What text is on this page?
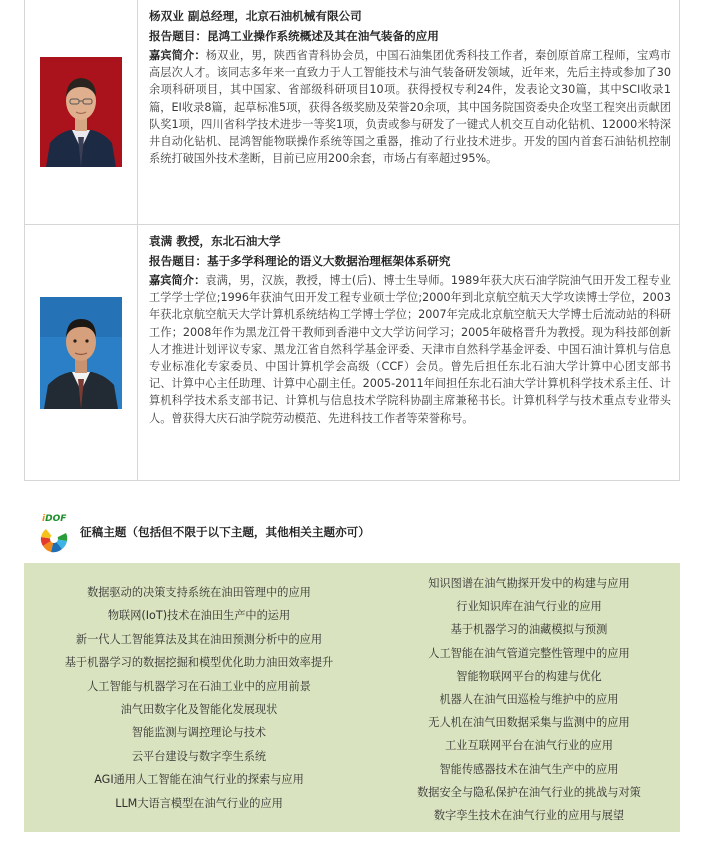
杨双业 副总经理，北京石油机械有限公司
报告题目：昆鸿工业操作系统概述及其在油气装备的应用
嘉宾简介：杨双业，男，陕西省青科协会员，中国石油集团优秀科技工作者，秦创原首席工程师，宝鸡市高层次人才。该同志多年来一直致力于人工智能技术与油气装备研发领域，近年来，先后主持或参加了30余项科研项目，其中国家、省部级科研项目10项。获得授权专利24件，发表论文30篇，其中SCI收录1篇，EI收录8篇，起草标准5项，获得各级奖励及荣誉20余项，其中国务院国资委央企攻坚工程突出贡献团队奖1项，四川省科学技术进步一等奖1项，负责或参与研发了一键式人机交互自动化钻机、12000米特深井自动化钻机、昆鸿智能物联操作系统等国之重器，推动了行业技术进步。开发的国内首套石油钻机控制系统打破国外技术垄断，目前已应用200余套，市场占有率超过95%。
袁满 教授，东北石油大学
报告题目：基于多学科理论的语义大数据治理框架体系研究
嘉宾简介：袁满，男，汉族，教授，博士(后)、博士生导师。1989年获大庆石油学院油气田开发工程专业工学学士学位;1996年获油气田开发工程专业硕士学位;2000年到北京航空航天大学攻读博士学位，2003年获北京航空航天大学计算机系统结构工学博士学位；2007年完成北京航空航天大学博士后流动站的科研工作；2008年作为黑龙江骨干教师到香港中文大学访问学习；2005年破格晋升为教授。现为科技部创新人才推进计划评议专家、黑龙江省自然科学基金评委、天津市自然科学基金评委、中国石油计算机与信息专业标准化专家委员、中国计算机学会高级（CCF）会员。曾先后担任东北石油大学计算中心团支部书记、计算中心主任助理、计算中心副主任。2005-2011年间担任东北石油大学计算机科学技术系主任、计算机科学技术系支部书记、计算机与信息技术学院科协副主席兼秘书长。计算机科学与技术重点专业带头人。曾获得大庆石油学院劳动模范、先进科技工作者等荣誉称号。
iDOF
征稿主题（包括但不限于以下主题，其他相关主题亦可）
数据驱动的决策支持系统在油田管理中的应用
物联网(IoT)技术在油田生产中的运用
新一代人工智能算法及其在油田预测分析中的应用
基于机器学习的数据挖掘和模型优化助力油田效率提升
人工智能与机器学习在石油工业中的应用前景
油气田数字化及智能化发展现状
智能监测与调控理论与技术
云平台建设与数字孪生系统
AGI通用人工智能在油气行业的探索与应用
LLM大语言模型在油气行业的应用
知识图谱在油气勘探开发中的构建与应用
行业知识库在油气行业的应用
基于机器学习的油藏模拟与预测
人工智能在油气管道完整性管理中的应用
智能物联网平台的构建与优化
机器人在油气田巡检与维护中的应用
无人机在油气田数据采集与监测中的应用
工业互联网平台在油气行业的应用
智能传感器技术在油气生产中的应用
数据安全与隐私保护在油气行业的挑战与对策
数字孪生技术在油气行业的应用与展望
